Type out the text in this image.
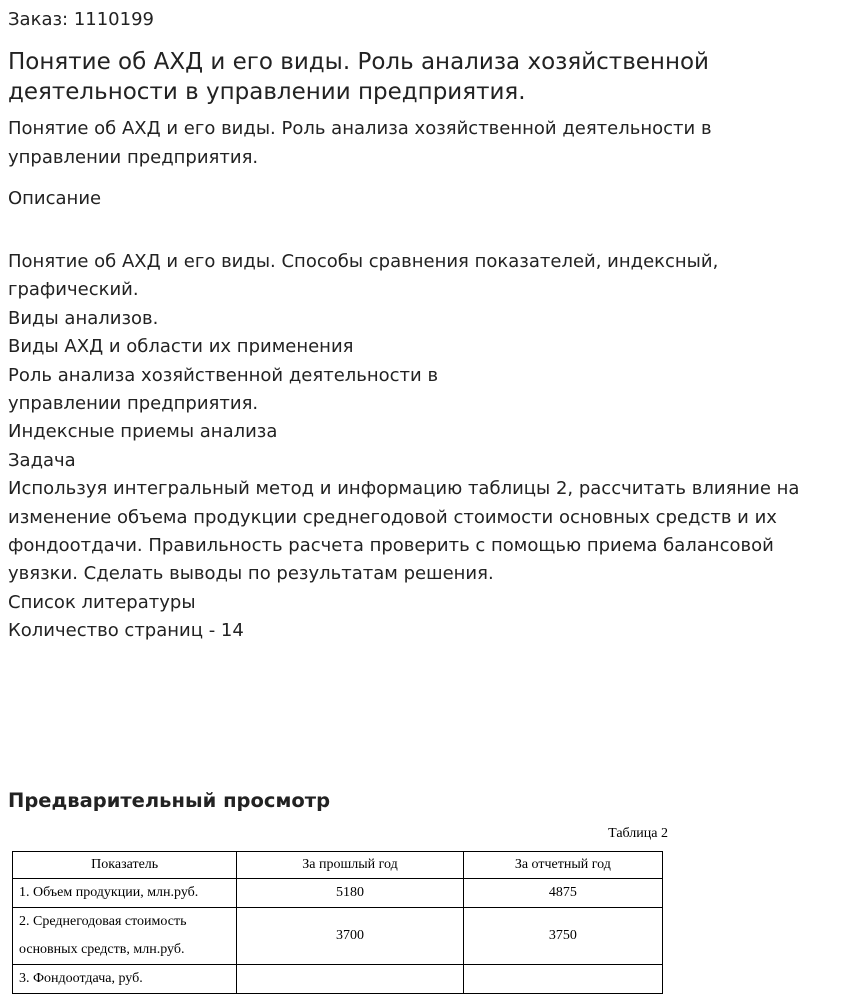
Заказ: 1110199
Понятие об АХД и его виды. Роль анализа хозяйственной деятельности в управлении предприятия.
Понятие об АХД и его виды. Роль анализа хозяйственной деятельности в управлении предприятия.
Описание
Понятие об АХД и его виды. Способы сравнения показателей, индексный, графический.
Виды анализов.
Виды АХД и области их применения
Роль анализа хозяйственной деятельности в
управлении предприятия.
Индексные приемы анализа
Задача
Используя интегральный метод и информацию таблицы 2, рассчитать влияние на изменение объема продукции среднегодовой стоимости основных средств и их фондоотдачи. Правильность расчета проверить с помощью приема балансовой увязки. Сделать выводы по результатам решения.
Список литературы
Количество страниц - 14
Предварительный просмотр
Таблица 2
Показатель	За прошлый год	За отчетный год
1. Объем продукции, млн.руб.	5180	4875
2. Среднегодовая стоимость основных средств, млн.руб.	3700	3750
3. Фондоотдача, руб.		
